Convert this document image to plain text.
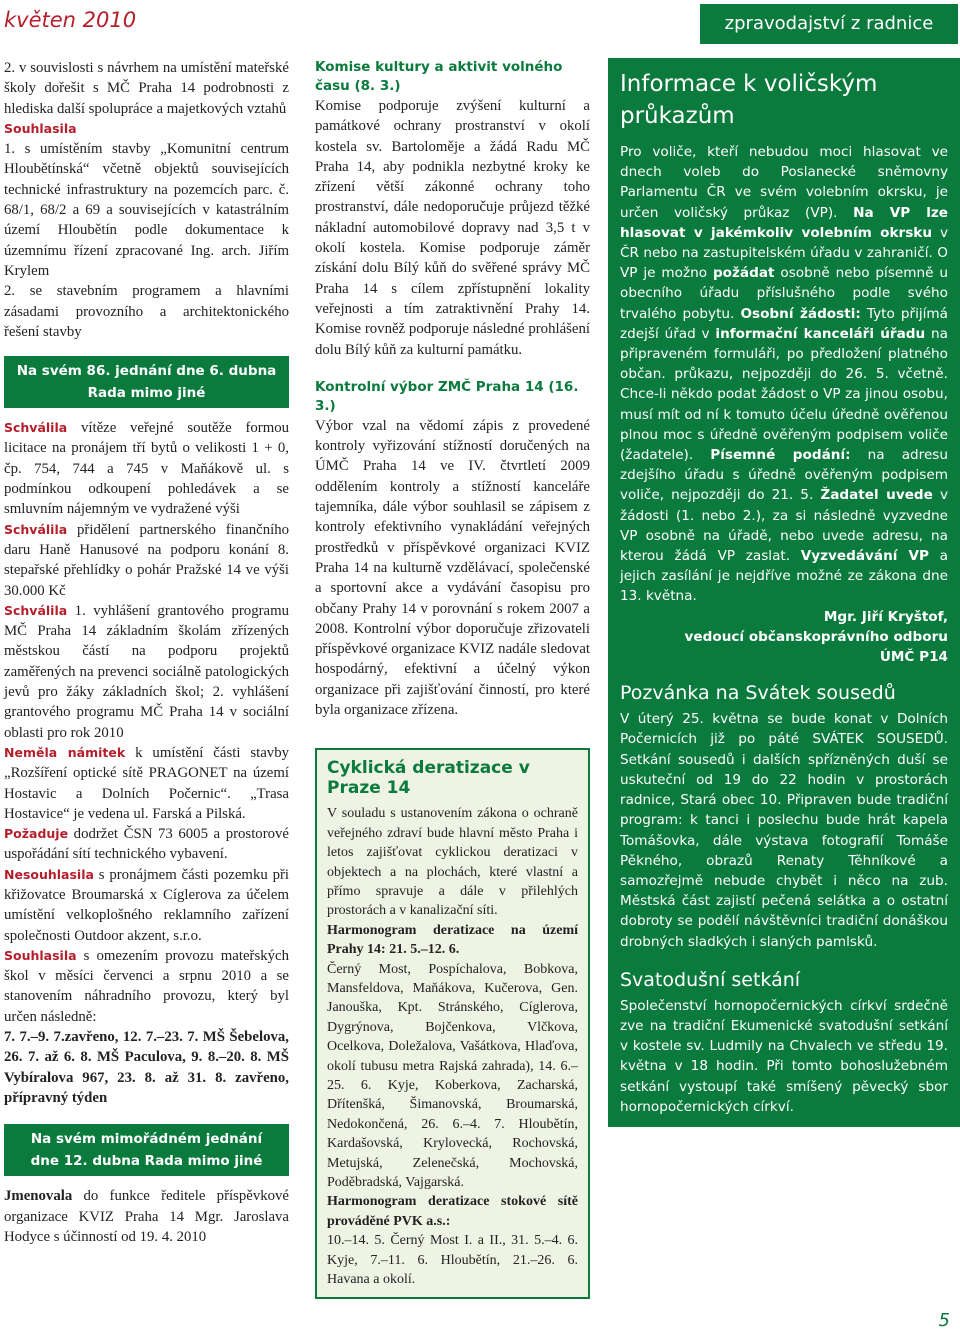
květen 2010	zpravodajství z radnice

2. v souvislosti s návrhem na umístění mateřské školy dořešit s MČ Praha 14 podrobnosti z hlediska další spolupráce a majetkových vztahů

Souhlasila

1. s umístěním stavby „Komunitní centrum Hloubětínská“ včetně objektů souvisejících technické infrastruktury na pozemcích parc. č. 68/1, 68/2 a 69 a souvisejících v katastrálním území Hloubětín podle dokumentace k územnímu řízení zpracované Ing. arch. Jiřím Krylem

2. se stavebním programem a hlavními zásadami provozního a architektonického řešení stavby

Na svém 86. jednání dne 6. dubna
Rada mimo jiné

Schválila vítěze veřejné soutěže formou licitace na pronájem tří bytů o velikosti 1 + 0, čp. 754, 744 a 745 v Maňákově ul. s podmínkou odkoupení pohledávek a se smluvním nájemným ve vydražené výši

Schválila přidělení partnerského finančního daru Haně Hanusové na podporu konání 8. stepařské přehlídky o pohár Pražské 14 ve výši 30.000 Kč

Schválila 1. vyhlášení grantového programu MČ Praha 14 základním školám zřízených městskou částí na podporu projektů zaměřených na prevenci sociálně patologických jevů pro žáky základních škol; 2. vyhlášení grantového programu MČ Praha 14 v sociální oblasti pro rok 2010

Neměla námitek k umístění části stavby „Rozšíření optické sítě PRAGONET na území Hostavic a Dolních Počernic“. „Trasa Hostavice“ je vedena ul. Farská a Pilská.

Požaduje dodržet ČSN 73 6005 a prostorové uspořádání sítí technického vybavení.

Nesouhlasila s pronájmem části pozemku při křižovatce Broumarská x Cíglerova za účelem umístění velkoplošného reklamního zařízení společnosti Outdoor akzent, s.r.o.

Souhlasila s omezením provozu mateřských škol v měsíci červenci a srpnu 2010 a se stanovením náhradního provozu, který byl určen následně:

7. 7.–9. 7.zavřeno, 12. 7.–23. 7. MŠ Šebelova, 26. 7. až 6. 8. MŠ Paculova, 9. 8.–20. 8. MŠ Vybíralova 967, 23. 8. až 31. 8. zavřeno, přípravný týden

Na svém mimořádném jednání
dne 12. dubna Rada mimo jiné

Jmenovala do funkce ředitele příspěvkové organizace KVIZ Praha 14 Mgr. Jaroslava Hodyce s účinností od 19. 4. 2010

Komise kultury a aktivit volného času (8. 3.)

Komise podporuje zvýšení kulturní a památkové ochrany prostranství v okolí kostela sv. Bartoloměje a žádá Radu MČ Praha 14, aby podnikla nezbytné kroky ke zřízení větší zákonné ochrany toho prostranství, dále nedoporučuje průjezd těžké nákladní automobilové dopravy nad 3,5 t v okolí kostela. Komise podporuje záměr získání dolu Bílý kůň do svěřené správy MČ Praha 14 s cílem zpřístupnění lokality veřejnosti a tím zatraktivnění Prahy 14. Komise rovněž podporuje následné prohlášení dolu Bílý kůň za kulturní památku.

Kontrolní výbor ZMČ Praha 14 (16. 3.)

Výbor vzal na vědomí zápis z provedené kontroly vyřizování stížností doručených na ÚMČ Praha 14 ve IV. čtvrtletí 2009 oddělením kontroly a stížností kanceláře tajemníka, dále výbor souhlasil se zápisem z kontroly efektivního vynakládání veřejných prostředků v příspěvkové organizaci KVIZ Praha 14 na kulturně vzdělávací, společenské a sportovní akce a vydávání časopisu pro občany Prahy 14 v porovnání s rokem 2007 a 2008. Kontrolní výbor doporučuje zřizovateli příspěvkové organizace KVIZ nadále sledovat hospodárný, efektivní a účelný výkon organizace při zajišťování činností, pro které byla organizace zřízena.

Cyklická deratizace v Praze 14

V souladu s ustanovením zákona o ochraně veřejného zdraví bude hlavní město Praha i letos zajišťovat cyklickou deratizaci v objektech a na plochách, které vlastní a přímo spravuje a dále v přilehlých prostorách a v kanalizační síti.

Harmonogram deratizace na území Prahy 14: 21. 5.–12. 6.

Černý Most, Pospíchalova, Bobkova, Mansfeldova, Maňákova, Kučerova, Gen. Janouška, Kpt. Stránského, Cíglerova, Dygrýnova, Bojčenkova, Vlčkova, Ocelkova, Doležalova, Vašátkova, Hlaďova, okolí tubusu metra Rajská zahrada), 14. 6.–25. 6. Kyje, Koberkova, Zacharská, Dřítenšká, Šimanovská, Broumarská, Nedokončená, 26. 6.–4. 7. Hloubětín, Kardašovská, Krylovecká, Rochovská, Metujská, Zelenečská, Mochovská, Poděbradská, Vajgarská.

Harmonogram deratizace stokové sítě prováděné PVK a.s.:

10.–14. 5. Černý Most I. a II., 31. 5.–4. 6. Kyje, 7.–11. 6. Hloubětín, 21.–26. 6. Havana a okolí.

Informace k voličským průkazům

Pro voliče, kteří nebudou moci hlasovat ve dnech voleb do Poslanecké sněmovny Parlamentu ČR ve svém volebním okrsku, je určen voličský průkaz (VP). Na VP lze hlasovat v jakémkoliv volebním okrsku v ČR nebo na zastupitelském úřadu v zahraničí. O VP je možno požádat osobně nebo písemně u obecního úřadu příslušného podle svého trvalého pobytu. Osobní žádosti: Tyto přijímá zdejší úřad v informační kanceláři úřadu na připraveném formuláři, po předložení platného občan. průkazu, nejpozději do 26. 5. včetně. Chce-li někdo podat žádost o VP za jinou osobu, musí mít od ní k tomuto účelu úředně ověřenou plnou moc s úředně ověřeným podpisem voliče (žadatele). Písemné podání: na adresu zdejšího úřadu s úředně ověřeným podpisem voliče, nejpozději do 21. 5. Žadatel uvede v žádosti (1. nebo 2.), za si následně vyzvedne VP osobně na úřadě, nebo uvede adresu, na kterou žádá VP zaslat. Vyzvedávání VP a jejich zasílání je nejdříve možné ze zákona dne 13. května.

Mgr. Jiří Kryštof,
vedoucí občanskoprávního odboru
ÚMČ P14

Pozvánka na Svátek sousedů

V úterý 25. května se bude konat v Dolních Počernicích již po páté SVÁTEK SOUSEDŮ. Setkání sousedů i dalších spřízněných duší se uskuteční od 19 do 22 hodin v prostorách radnice, Stará obec 10. Připraven bude tradiční program: k tanci i poslechu bude hrát kapela Tomášovka, dále výstava fotografií Tomáše Pěkného, obrazů Renaty Těhníkové a samozřejmě nebude chybět i něco na zub. Městská část zajistí pečená selátka a o ostatní dobroty se podělí návštěvníci tradiční donáškou drobných sladkých i slaných pamlsků.

Svatodušní setkání

Společenství hornopočernických církví srdečně zve na tradiční Ekumenické svatodušní setkání v kostele sv. Ludmily na Chvalech ve středu 19. května v 18 hodin. Při tomto bohoslužebném setkání vystoupí také smíšený pěvecký sbor hornopočernických církví.

5
